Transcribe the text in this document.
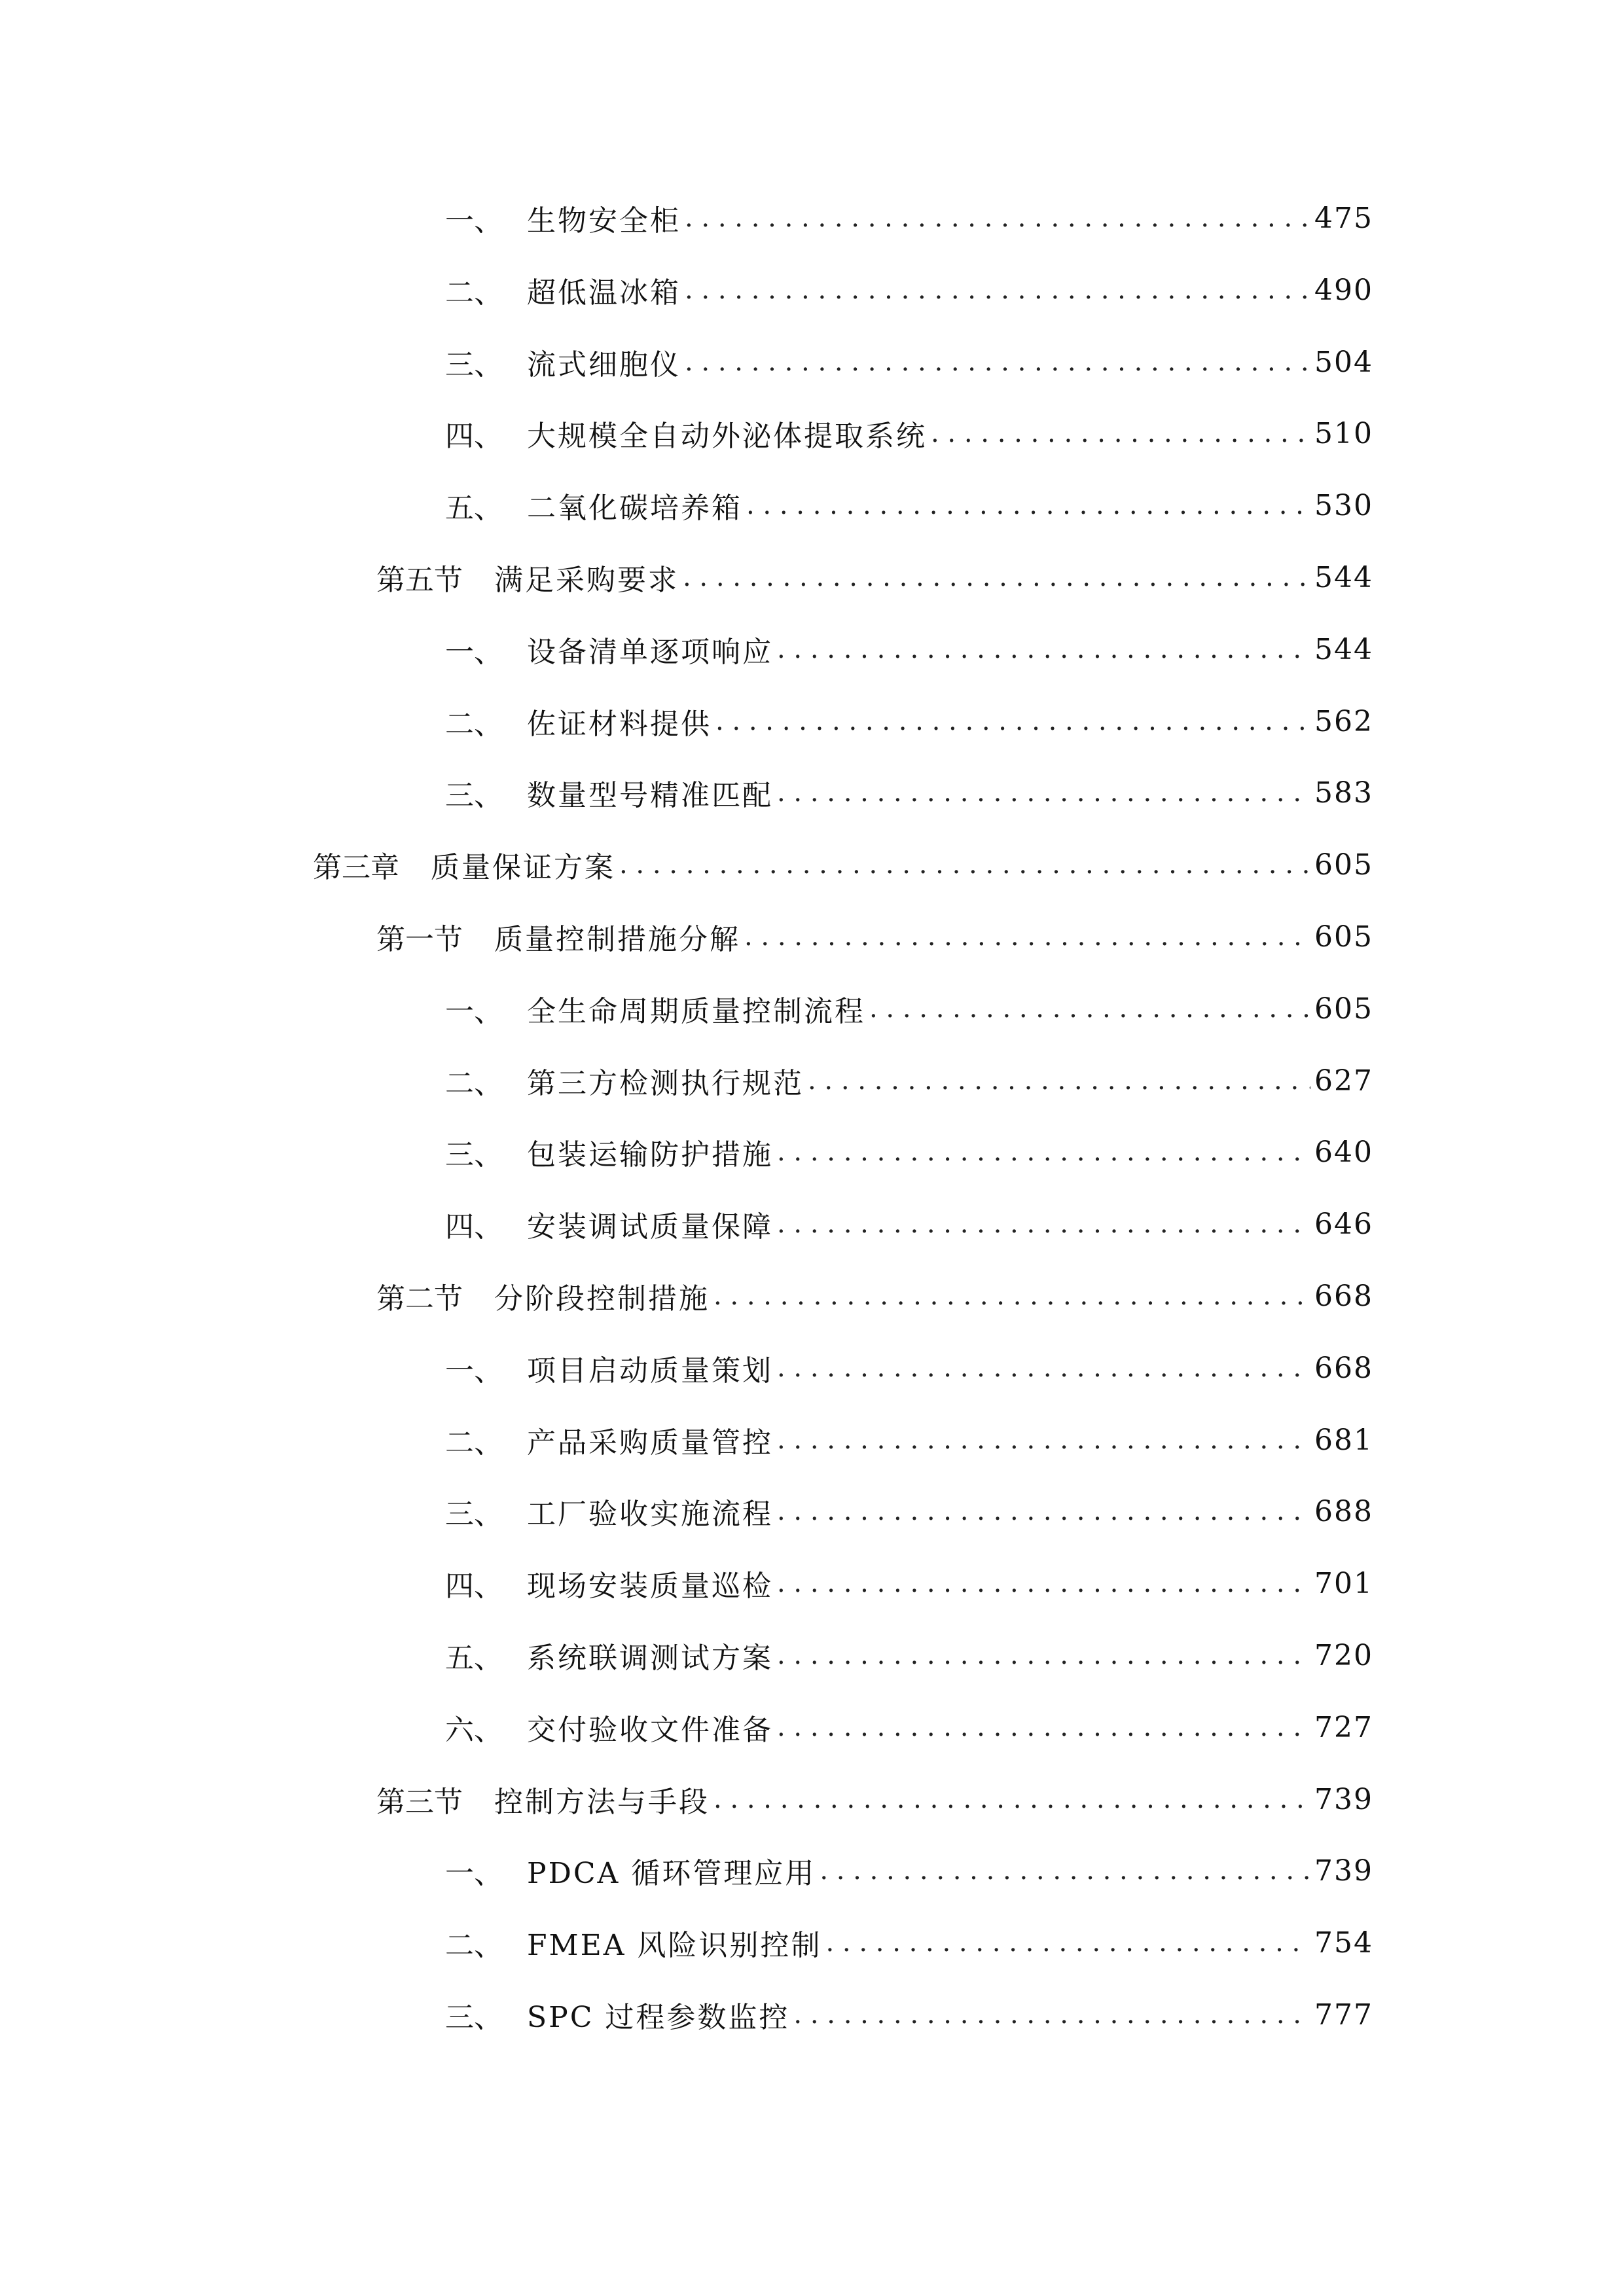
一、 生物安全柜 . . .	475
二、 超低温冰箱 . . .	490
三、 流式细胞仪 . . .	504
四、 大规模全自动外泌体提取系统 . . .	510
五、 二氧化碳培养箱 . . .	530
第五节	满足采购要求 . . .	544
一、 设备清单逐项响应 . . .	544
二、 佐证材料提供 . . .	562
三、 数量型号精准匹配 . . .	583
第三章	质量保证方案 . . .	605
第一节	质量控制措施分解 . . .	605
一、 全生命周期质量控制流程 . . .	605
二、 第三方检测执行规范 . . .	627
三、 包装运输防护措施 . . .	640
四、 安装调试质量保障 . . .	646
第二节	分阶段控制措施 . . .	668
一、 项目启动质量策划 . . .	668
二、 产品采购质量管控 . . .	681
三、 工厂验收实施流程 . . .	688
四、 现场安装质量巡检 . . .	701
五、 系统联调测试方案 . . .	720
六、 交付验收文件准备 . . .	727
第三节	控制方法与手段 . . .	739
一、 PDCA 循环管理应用 . . .	739
二、 FMEA 风险识别控制 . . .	754
三、 SPC 过程参数监控 . . .	777
